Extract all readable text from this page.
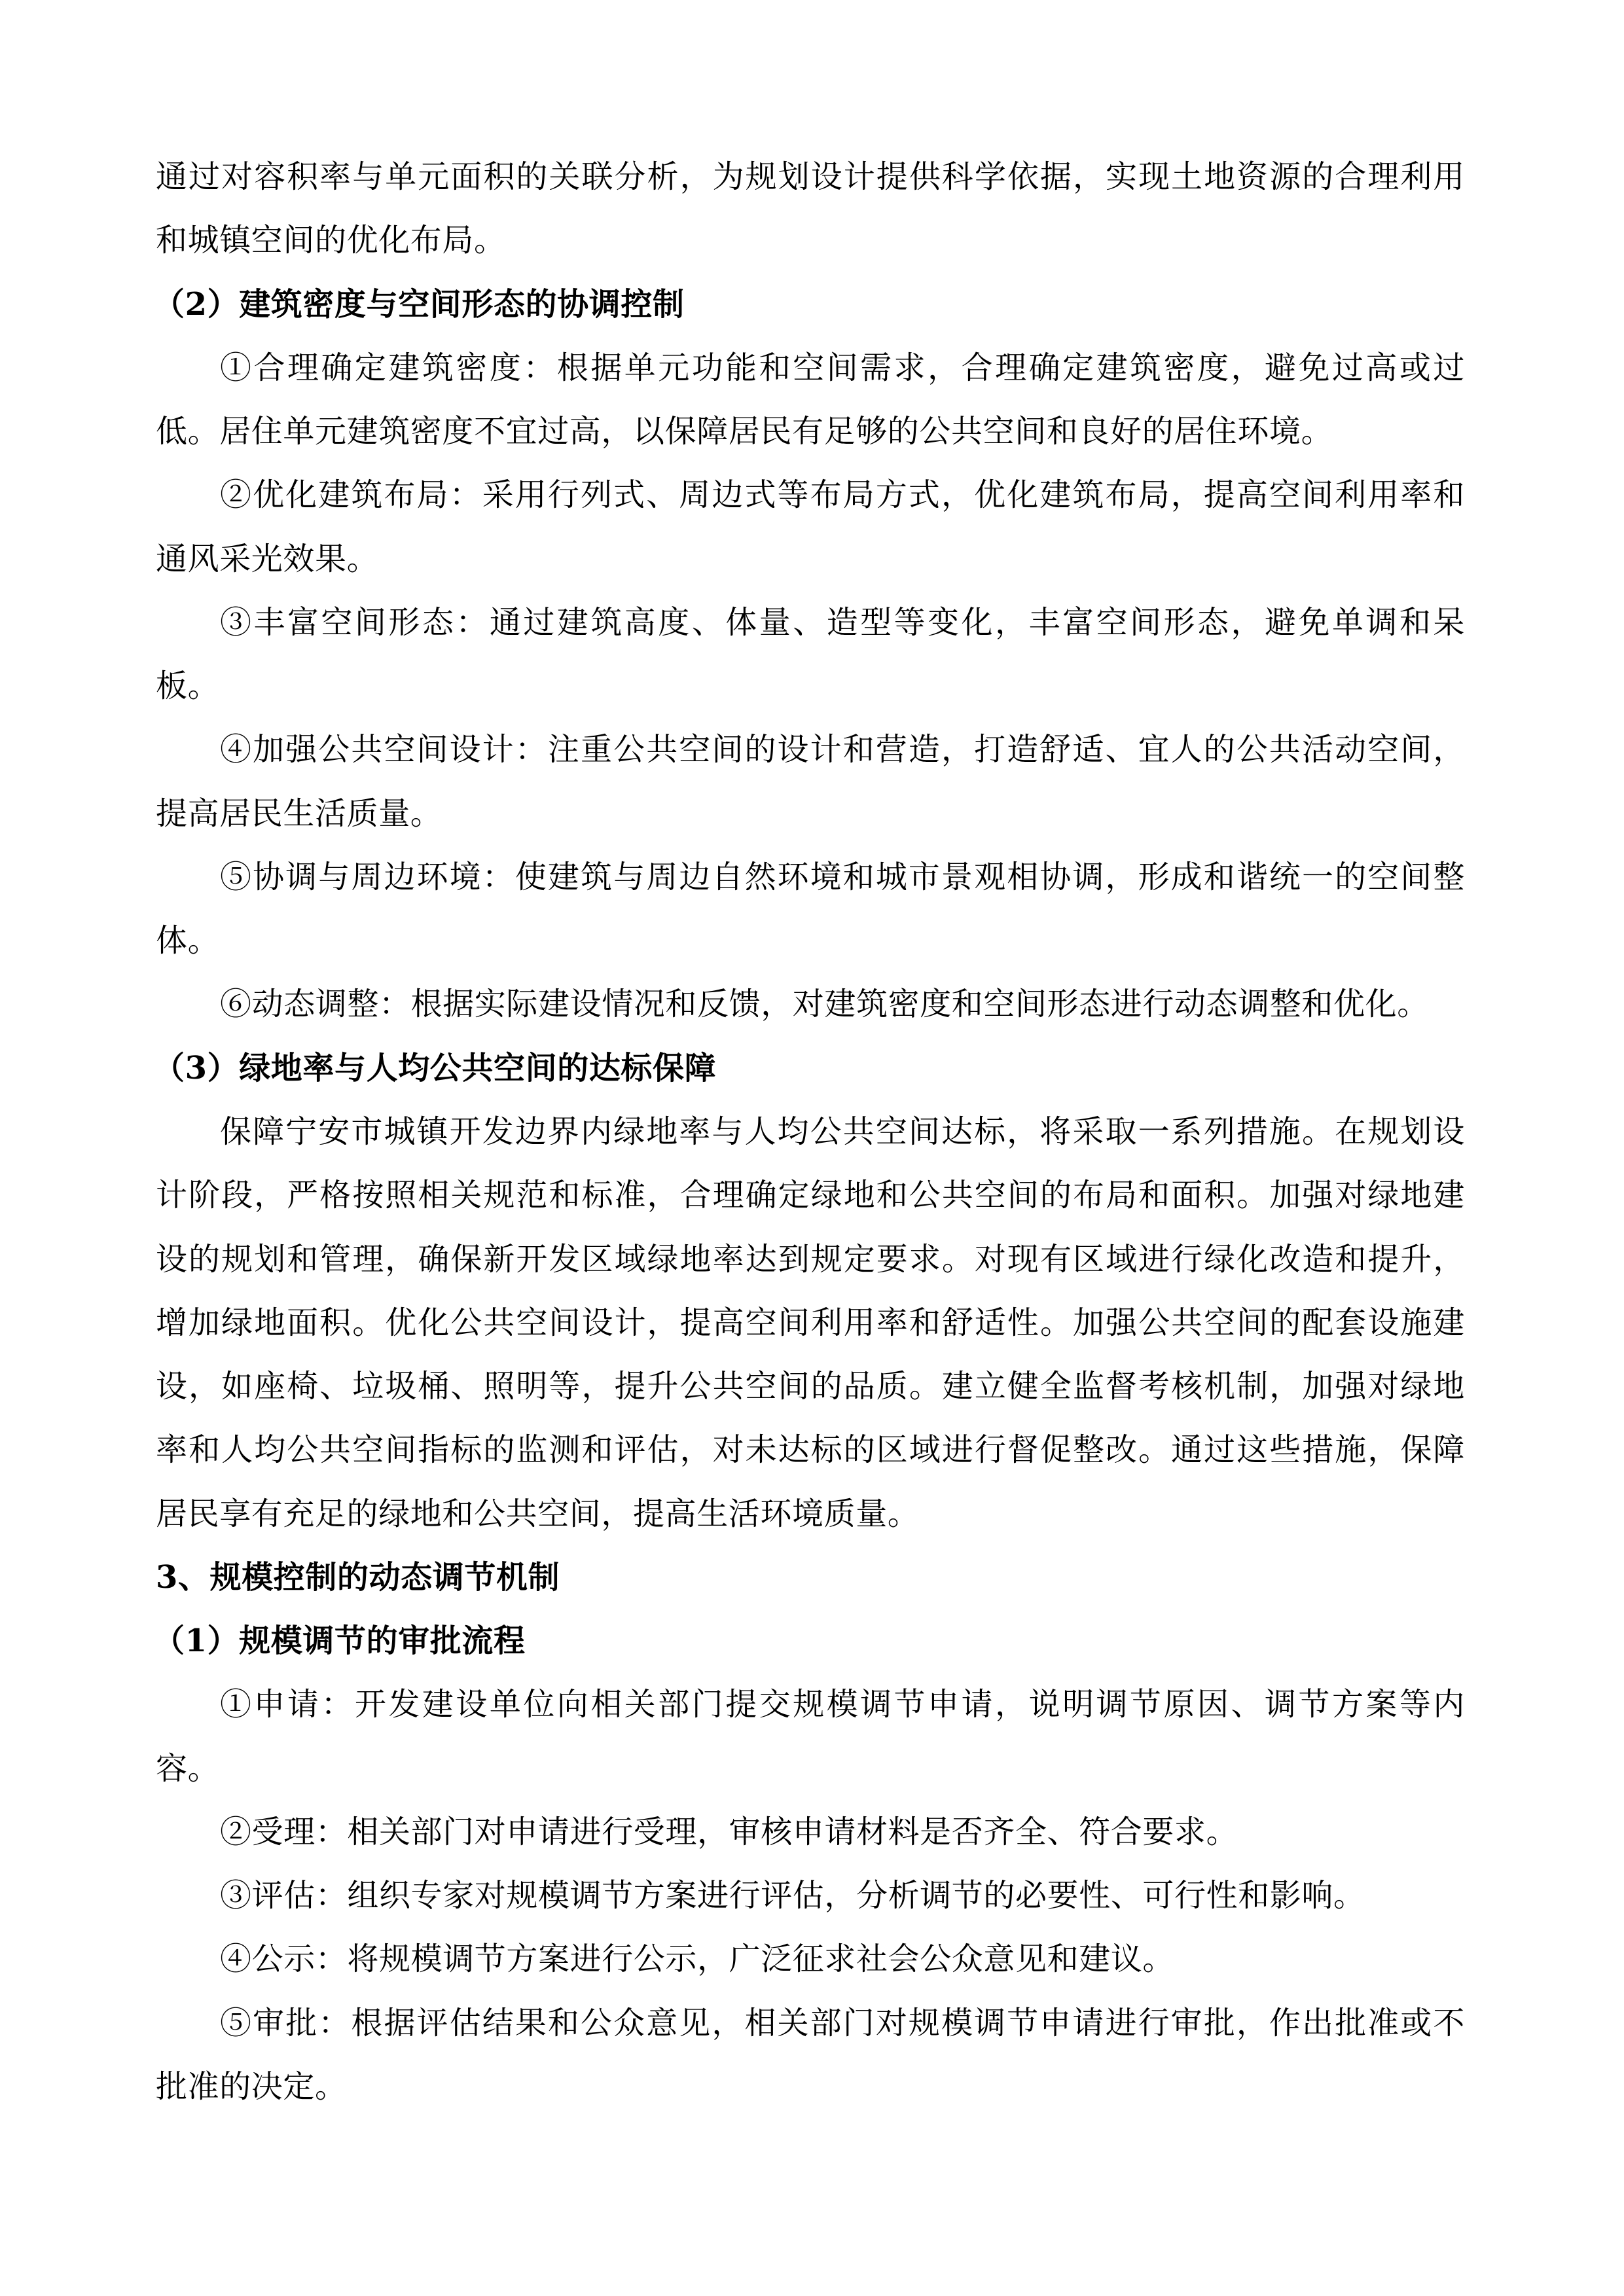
通过对容积率与单元面积的关联分析，为规划设计提供科学依据，实现土地资源的合理利用
和城镇空间的优化布局。
（2）建筑密度与空间形态的协调控制
①合理确定建筑密度：根据单元功能和空间需求，合理确定建筑密度，避免过高或过
低。居住单元建筑密度不宜过高，以保障居民有足够的公共空间和良好的居住环境。
②优化建筑布局：采用行列式、周边式等布局方式，优化建筑布局，提高空间利用率和
通风采光效果。
③丰富空间形态：通过建筑高度、体量、造型等变化，丰富空间形态，避免单调和呆
板。
④加强公共空间设计：注重公共空间的设计和营造，打造舒适、宜人的公共活动空间，
提高居民生活质量。
⑤协调与周边环境：使建筑与周边自然环境和城市景观相协调，形成和谐统一的空间整
体。
⑥动态调整：根据实际建设情况和反馈，对建筑密度和空间形态进行动态调整和优化。
（3）绿地率与人均公共空间的达标保障
保障宁安市城镇开发边界内绿地率与人均公共空间达标，将采取一系列措施。在规划设
计阶段，严格按照相关规范和标准，合理确定绿地和公共空间的布局和面积。加强对绿地建
设的规划和管理，确保新开发区域绿地率达到规定要求。对现有区域进行绿化改造和提升，
增加绿地面积。优化公共空间设计，提高空间利用率和舒适性。加强公共空间的配套设施建
设，如座椅、垃圾桶、照明等，提升公共空间的品质。建立健全监督考核机制，加强对绿地
率和人均公共空间指标的监测和评估，对未达标的区域进行督促整改。通过这些措施，保障
居民享有充足的绿地和公共空间，提高生活环境质量。
3、规模控制的动态调节机制
（1）规模调节的审批流程
①申请：开发建设单位向相关部门提交规模调节申请，说明调节原因、调节方案等内
容。
②受理：相关部门对申请进行受理，审核申请材料是否齐全、符合要求。
③评估：组织专家对规模调节方案进行评估，分析调节的必要性、可行性和影响。
④公示：将规模调节方案进行公示，广泛征求社会公众意见和建议。
⑤审批：根据评估结果和公众意见，相关部门对规模调节申请进行审批，作出批准或不
批准的决定。
